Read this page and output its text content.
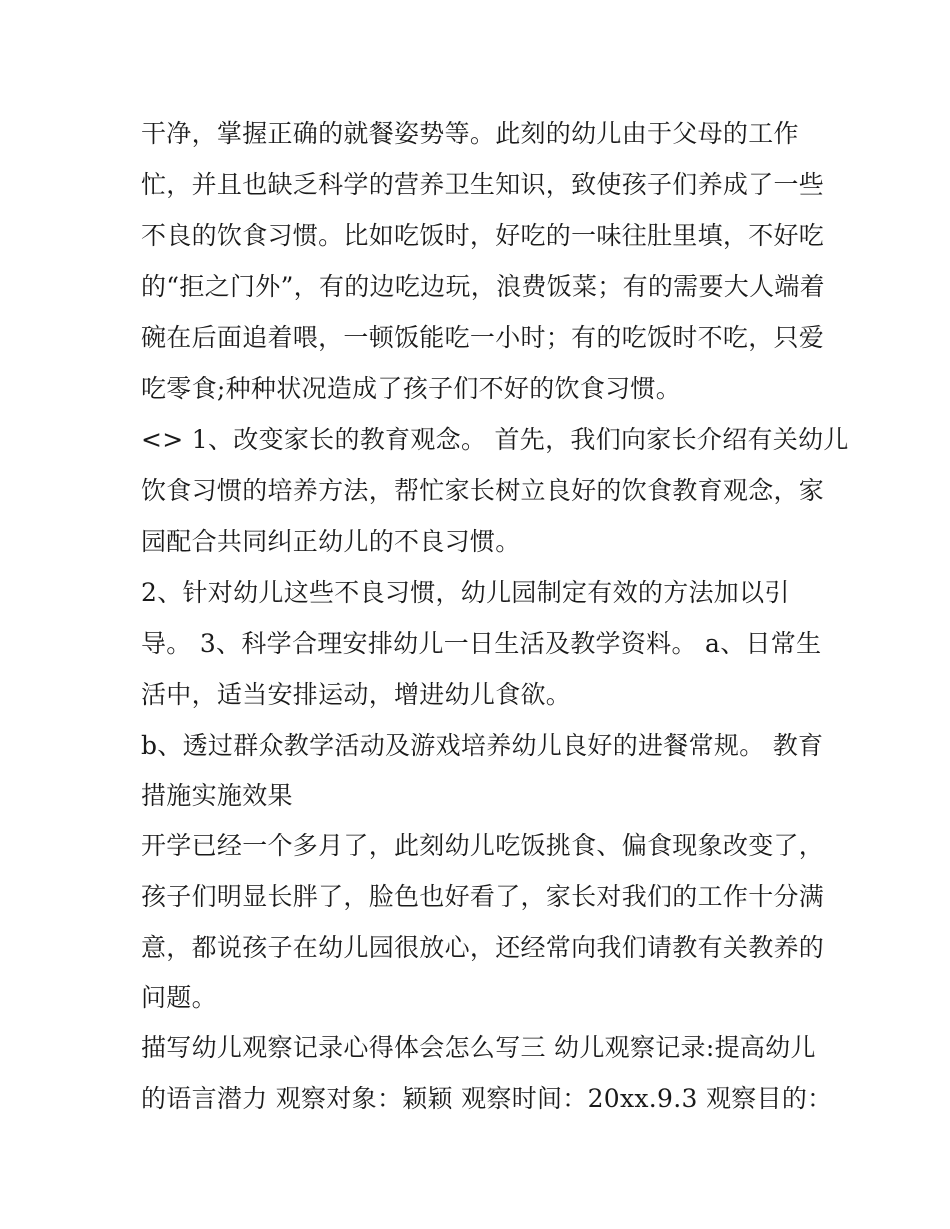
干净，掌握正确的就餐姿势等。此刻的幼儿由于父母的工作
忙，并且也缺乏科学的营养卫生知识，致使孩子们养成了一些
不良的饮食习惯。比如吃饭时，好吃的一味往肚里填，不好吃
的“拒之门外”，有的边吃边玩，浪费饭菜；有的需要大人端着
碗在后面追着喂，一顿饭能吃一小时；有的吃饭时不吃，只爱
吃零食;种种状况造成了孩子们不好的饮食习惯。
<> 1、改变家长的教育观念。 首先，我们向家长介绍有关幼儿
饮食习惯的培养方法，帮忙家长树立良好的饮食教育观念，家
园配合共同纠正幼儿的不良习惯。
2、针对幼儿这些不良习惯，幼儿园制定有效的方法加以引
导。 3、科学合理安排幼儿一日生活及教学资料。 a、日常生
活中，适当安排运动，增进幼儿食欲。
b、透过群众教学活动及游戏培养幼儿良好的进餐常规。 教育
措施实施效果
开学已经一个多月了，此刻幼儿吃饭挑食、偏食现象改变了，
孩子们明显长胖了，脸色也好看了，家长对我们的工作十分满
意，都说孩子在幼儿园很放心，还经常向我们请教有关教养的
问题。
描写幼儿观察记录心得体会怎么写三 幼儿观察记录:提高幼儿
的语言潜力 观察对象：颖颖 观察时间：20xx.9.3 观察目的：
